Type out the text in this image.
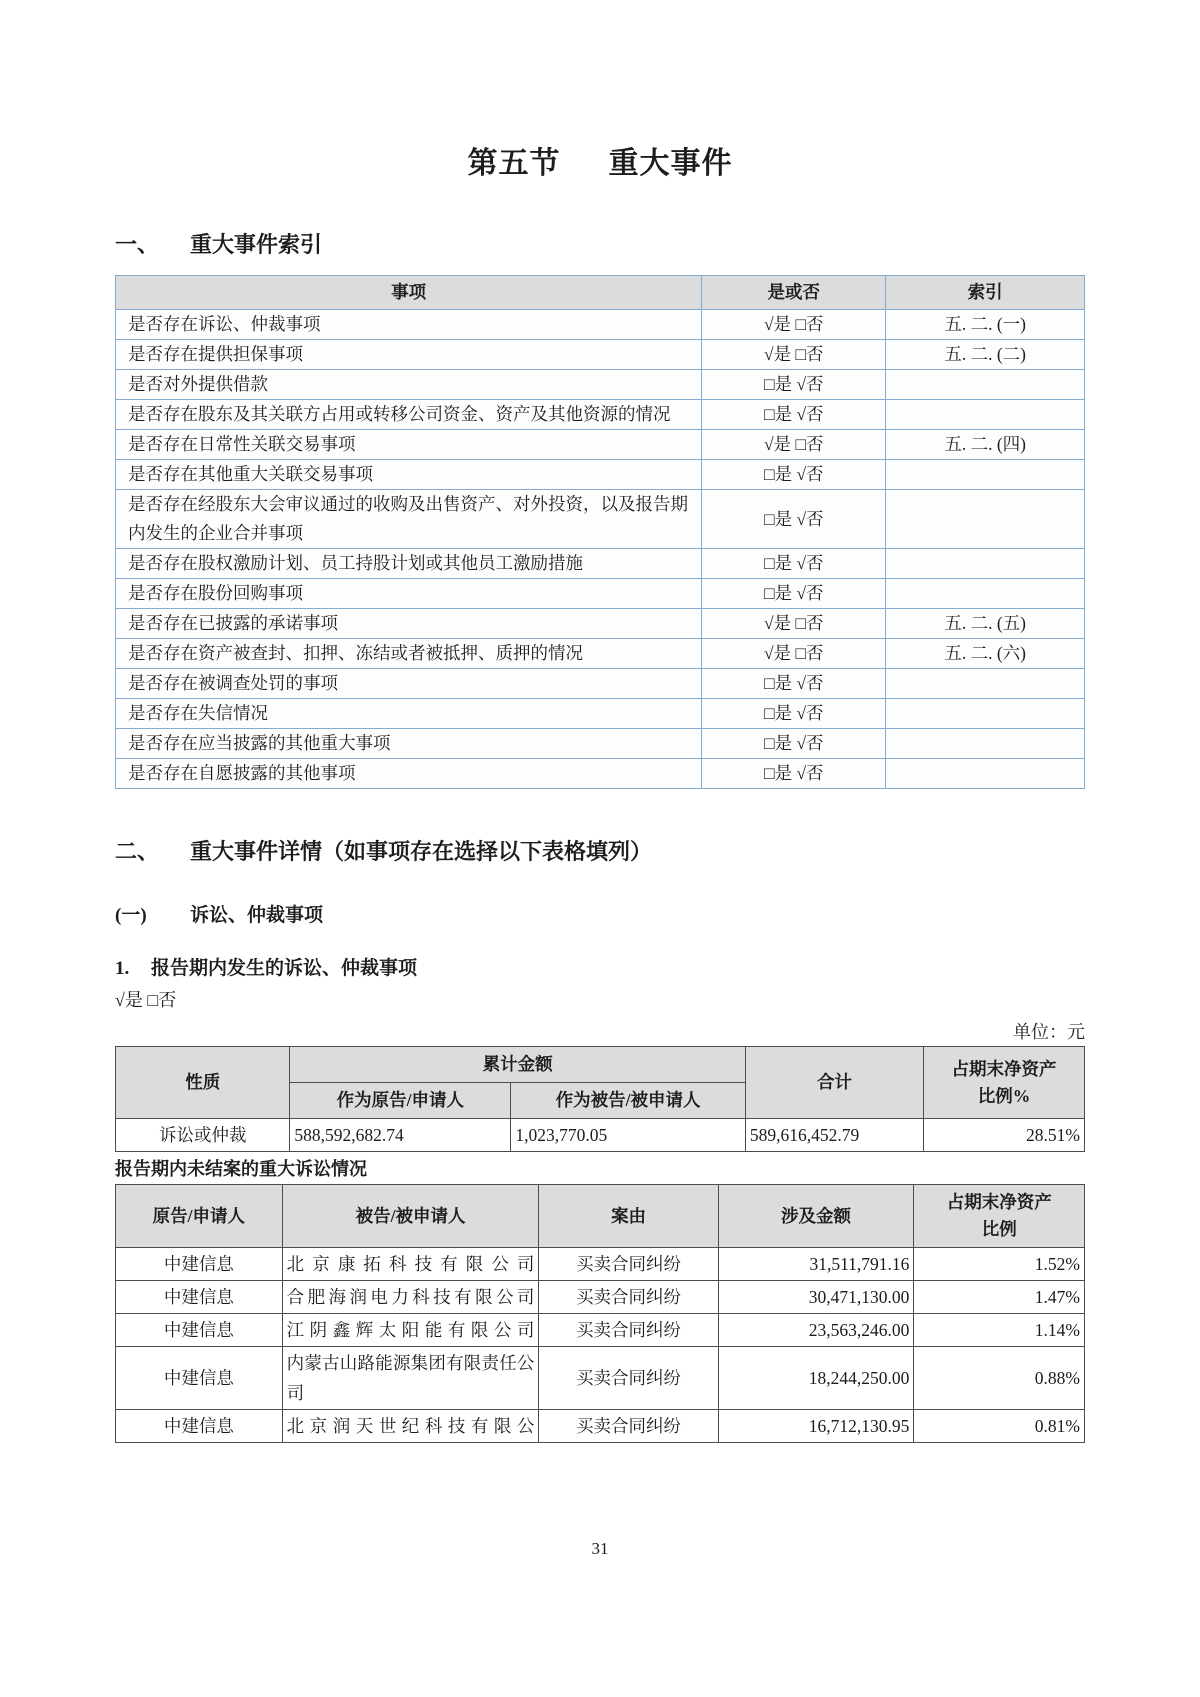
第五节 重大事件
一、 重大事件索引
事项	是或否	索引
是否存在诉讼、仲裁事项	√是 □否	五. 二. (一)
是否存在提供担保事项	√是 □否	五. 二. (二)
是否对外提供借款	□是 √否	
是否存在股东及其关联方占用或转移公司资金、资产及其他资源的情况	□是 √否	
是否存在日常性关联交易事项	√是 □否	五. 二. (四)
是否存在其他重大关联交易事项	□是 √否	
是否存在经股东大会审议通过的收购及出售资产、对外投资，以及报告期内发生的企业合并事项	□是 √否	
是否存在股权激励计划、员工持股计划或其他员工激励措施	□是 √否	
是否存在股份回购事项	□是 √否	
是否存在已披露的承诺事项	√是 □否	五. 二. (五)
是否存在资产被查封、扣押、冻结或者被抵押、质押的情况	√是 □否	五. 二. (六)
是否存在被调查处罚的事项	□是 √否	
是否存在失信情况	□是 √否	
是否存在应当披露的其他重大事项	□是 √否	
是否存在自愿披露的其他事项	□是 √否	
二、 重大事件详情（如事项存在选择以下表格填列）
(一) 诉讼、仲裁事项
1. 报告期内发生的诉讼、仲裁事项
√是 □否
单位：元
性质	累计金额		合计	占期末净资产
比例%

	作为原告/申请人	作为被告/被申请人		
诉讼或仲裁	588,592,682.74	1,023,770.05	589,616,452.79	28.51%
报告期内未结案的重大诉讼情况
原告/申请人	被告/被申请人	案由	涉及金额	占期末净资产
比例

中建信息	北京康拓科技有限公司	买卖合同纠纷	31,511,791.16	1.52%
中建信息	合肥海润电力科技有限公司	买卖合同纠纷	30,471,130.00	1.47%
中建信息	江阴鑫辉太阳能有限公司	买卖合同纠纷	23,563,246.00	1.14%
中建信息	内蒙古山路能源集团有限责任公司	买卖合同纠纷	18,244,250.00	0.88%
中建信息	北京润天世纪科技有限公	买卖合同纠纷	16,712,130.95	0.81%
31
